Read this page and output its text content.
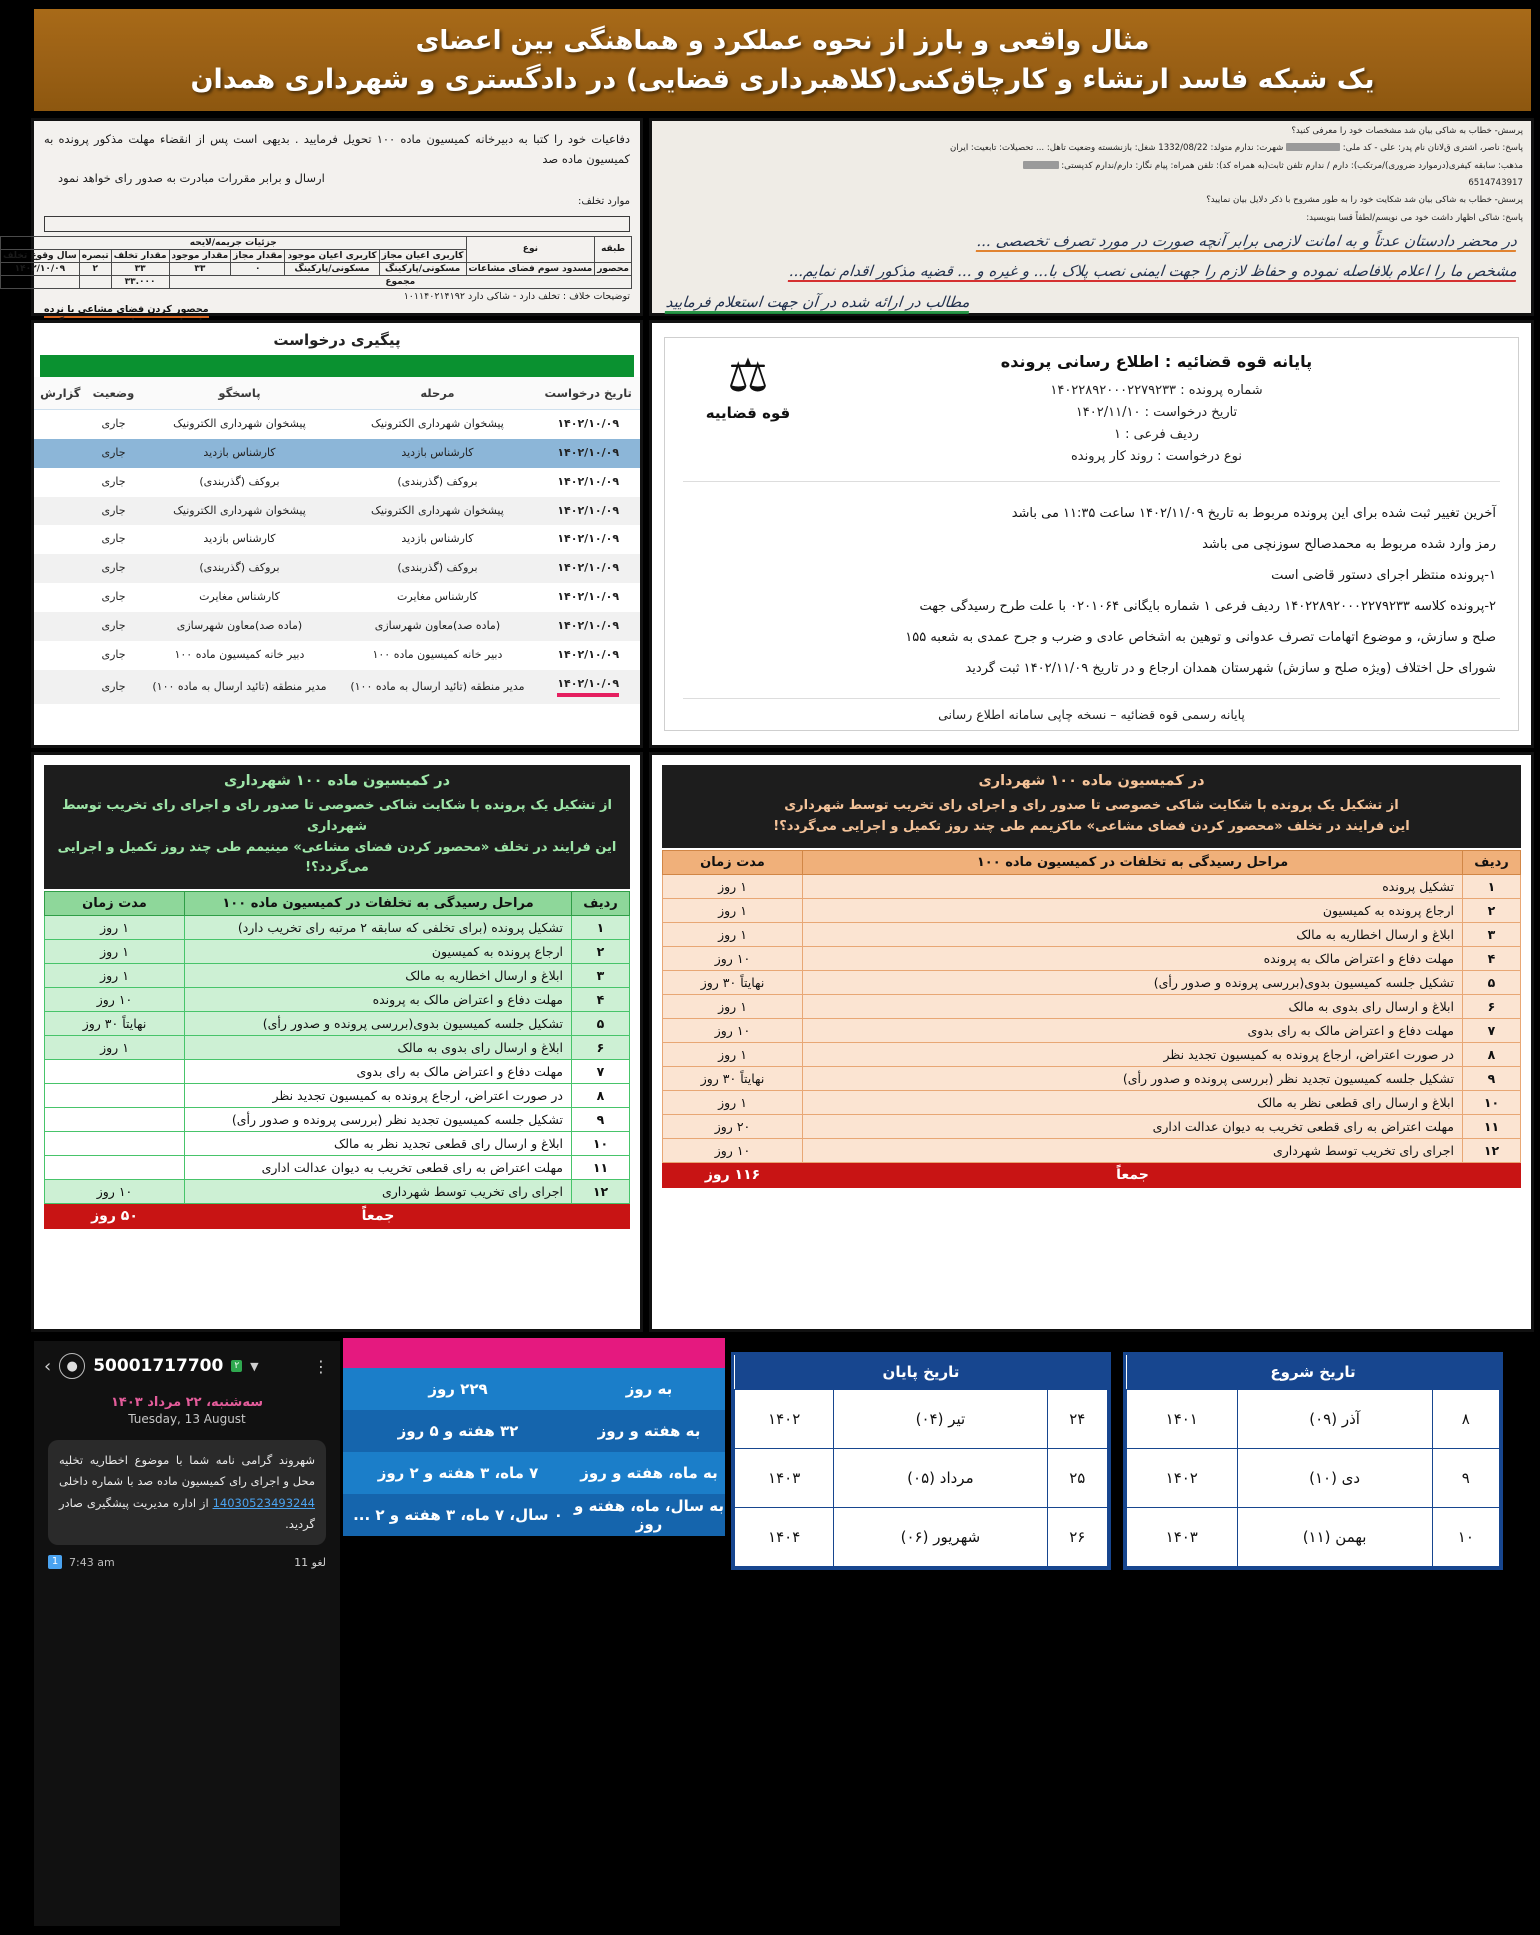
مثال واقعی و بارز از نحوه عملکرد و هماهنگی بین اعضای
یک شبکه فاسد ارتشاء و کارچاق‌کنی(کلاهبرداری قضایی) در دادگستری و شهرداری همدان
دفاعیات خود را کتبا به دبیرخانه کمیسیون ماده ۱۰۰ تحویل فرمایید . بدیهی است پس از انقضاء مهلت مذکور پرونده به کمیسیون ماده صد
ارسال و برابر مقررات مبادرت به صدور رای خواهد نمود
موارد تخلف:
طبقه	نوع	جزئیات جریمه/لایحه						
		کاربری اعیان مجاز	کاربری اعیان موجود	مقدار مجاز	مقدار موجود	مقدار تخلف	تبصره	سال وقوع تخلف
محصور	مسدود سوم فضای مشاعات	مسکونی/پارکینگ	مسکونی/پارکینگ	۰	۳۳	۳۳	۲	۱۴۰۲/۱۰/۰۹
مجموع						۳۳.۰۰۰		
توضیحات خلاف : تخلف دارد - شاکی دارد ۱۰۱۱۴۰۲۱۴۱۹۲
محصور کردن فضای مشاعی با نرده
پرسش- خطاب به شاکی بیان شد مشخصات خود را معرفی کنید؟
پاسخ: ناصر، اشتری ق‌لانان نام پدر: علی - کد ملی:  شهرت: ندارم متولد: 1332/08/22 شغل: بازنشسته وضعیت تاهل: ... تحصیلات: تابعیت: ایران
مذهب: سابقه کیفری(درموارد ضروری)/مرتکب): دارم / ندارم تلفن ثابت(به همراه کد): تلفن همراه: پیام نگار: دارم/ندارم کدپستی:
6514743917
پرسش- خطاب به شاکی بیان شد شکایت خود را به طور مشروح با ذکر دلایل بیان نمایید؟
پاسخ: شاکی اظهار داشت خود می نویسم/لطفاً قسا بنویسید:
در محضر دادستان عدتاً و به امانت لازمی برابر آنچه صورت در مورد تصرف تخصصی ...
مشخص ما را اعلام بلافاصله نموده و حفاظ لازم را جهت ایمنی نصب پلاک با... و غیره و ... قضیه مذکور اقدام نمایم...
مطالب در ارائه شده در آن جهت استعلام فرمایید
پیگیری درخواست
تاریخ درخواست	مرحله	پاسخگو	وضعیت	گزارش
۱۴۰۲/۱۰/۰۹	پیشخوان شهرداری الکترونیک	پیشخوان شهرداری الکترونیک	جاری	
۱۴۰۲/۱۰/۰۹	کارشناس بازدید	کارشناس بازدید	جاری	
۱۴۰۲/۱۰/۰۹	بروکف (گذربندی)	بروکف (گذربندی)	جاری	
۱۴۰۲/۱۰/۰۹	پیشخوان شهرداری الکترونیک	پیشخوان شهرداری الکترونیک	جاری	
۱۴۰۲/۱۰/۰۹	کارشناس بازدید	کارشناس بازدید	جاری	
۱۴۰۲/۱۰/۰۹	بروکف (گذربندی)	بروکف (گذربندی)	جاری	
۱۴۰۲/۱۰/۰۹	کارشناس مغایرت	کارشناس مغایرت	جاری	
۱۴۰۲/۱۰/۰۹	(ماده صد)معاون شهرسازی	(ماده صد)معاون شهرسازی	جاری	
۱۴۰۲/۱۰/۰۹	دبیر خانه کمیسیون ماده ۱۰۰	دبیر خانه کمیسیون ماده ۱۰۰	جاری	
۱۴۰۲/۱۰/۰۹	مدیر منطقه (تائید ارسال به ماده ۱۰۰)	مدیر منطقه (تائید ارسال به ماده ۱۰۰)	جاری	
پایانه قوه قضائیه : اطلاع رسانی پرونده
شماره پرونده : ۱۴۰۲۲۸۹۲۰۰۰۲۲۷۹۲۳۳
تاریخ درخواست : ۱۴۰۲/۱۱/۱۰
ردیف فرعی : ۱
نوع درخواست : روند کار پرونده
⚖
قوه قضاییه

آخرین تغییر ثبت شده برای این پرونده مربوط به تاریخ ۱۴۰۲/۱۱/۰۹ ساعت ۱۱:۳۵ می باشد

رمز وارد شده مربوط به محمدصالح سوزنچی می باشد

۱-پرونده منتظر اجرای دستور قاضی است

۲-پرونده کلاسه ۱۴۰۲۲۸۹۲۰۰۰۲۲۷۹۲۳۳ ردیف فرعی ۱ شماره بایگانی ۰۲۰۱۰۶۴ با علت طرح رسیدگی جهت

صلح و سازش، و موضوع اتهامات تصرف عدوانی و توهین به اشخاص عادی و ضرب و جرح عمدی به شعبه ۱۵۵

شورای حل اختلاف (ویژه صلح و سازش) شهرستان همدان ارجاع و در تاریخ ۱۴۰۲/۱۱/۰۹ ثبت گردید

پایانه رسمی قوه قضائیه – نسخه چاپی سامانه اطلاع رسانی
در کمیسیون ماده ۱۰۰ شهرداری
از تشکیل یک پرونده با شکایت شاکی خصوصی تا صدور رای و اجرای رای تخریب توسط شهرداری
این فرایند در تخلف «محصور کردن فضای مشاعی» مینیمم طی چند روز تکمیل و اجرایی می‌گردد؟!
ردیف	مراحل رسیدگی به تخلفات در کمیسیون ماده ۱۰۰	مدت زمان
۱	تشکیل پرونده (برای تخلفی که سابقه ۲ مرتبه رای تخریب دارد)	۱ روز
۲	ارجاع پرونده به کمیسیون	۱ روز
۳	ابلاغ و ارسال اخطاریه به مالک	۱ روز
۴	مهلت دفاع و اعتراض مالک به پرونده	۱۰ روز
۵	تشکیل جلسه کمیسیون بدوی(بررسی پرونده و صدور رأی)	نهایتاً ۳۰ روز
۶	ابلاغ و ارسال رای بدوی به مالک	۱ روز
۷	مهلت دفاع و اعتراض مالک به رای بدوی	
۸	در صورت اعتراض، ارجاع پرونده به کمیسیون تجدید نظر	
۹	تشکیل جلسه کمیسیون تجدید نظر (بررسی پرونده و صدور رأی)	
۱۰	ابلاغ و ارسال رای قطعی تجدید نظر به مالک	
۱۱	مهلت اعتراض به رای قطعی تخریب به دیوان عدالت اداری	
۱۲	اجرای رای تخریب توسط شهرداری	۱۰ روز
	جمعاً	۵۰ روز
در کمیسیون ماده ۱۰۰ شهرداری
از تشکیل یک پرونده با شکایت شاکی خصوصی تا صدور رای و اجرای رای تخریب توسط شهرداری
این فرایند در تخلف «محصور کردن فضای مشاعی» ماکزیمم طی چند روز تکمیل و اجرایی می‌گردد؟!
ردیف	مراحل رسیدگی به تخلفات در کمیسیون ماده ۱۰۰	مدت زمان
۱	تشکیل پرونده	۱ روز
۲	ارجاع پرونده به کمیسیون	۱ روز
۳	ابلاغ و ارسال اخطاریه به مالک	۱ روز
۴	مهلت دفاع و اعتراض مالک به پرونده	۱۰ روز
۵	تشکیل جلسه کمیسیون بدوی(بررسی پرونده و صدور رأی)	نهایتاً ۳۰ روز
۶	ابلاغ و ارسال رای بدوی به مالک	۱ روز
۷	مهلت دفاع و اعتراض مالک به رای بدوی	۱۰ روز
۸	در صورت اعتراض، ارجاع پرونده به کمیسیون تجدید نظر	۱ روز
۹	تشکیل جلسه کمیسیون تجدید نظر (بررسی پرونده و صدور رأی)	نهایتاً ۳۰ روز
۱۰	ابلاغ و ارسال رای قطعی نظر به مالک	۱ روز
۱۱	مهلت اعتراض به رای قطعی تخریب به دیوان عدالت اداری	۲۰ روز
۱۲	اجرای رای تخریب توسط شهرداری	۱۰ روز
	جمعاً	۱۱۶ روز
‹	● 50001717700	۲ ▼	⋮
سه‌شنبه، ۲۲ مرداد ۱۴۰۳
Tuesday, 13 August
شهروند گرامی نامه شما با موضوع اخطاریه تخلیه محل و اجرای رای کمیسیون ماده صد با شماره داخلی 14030523493244 از اداره مدیریت پیشگیری صادر گردید.
1 7:43 am	لغو 11
به روز
۲۲۹ روز
به هفته و روز
۳۲ هفته و ۵ روز
به ماه، هفته و روز
۷ ماه، ۳ هفته و ۲ روز
به سال، ماه، هفته و روز
۰ سال، ۷ ماه، ۳ هفته و ۲ ...
تاریخ پایان		
۲۴	تیر (۰۴)	۱۴۰۲
۲۵	مرداد (۰۵)	۱۴۰۳
۲۶	شهریور (۰۶)	۱۴۰۴
تاریخ شروع		
۸	آذر (۰۹)	۱۴۰۱
۹	دی (۱۰)	۱۴۰۲
۱۰	بهمن (۱۱)	۱۴۰۳
